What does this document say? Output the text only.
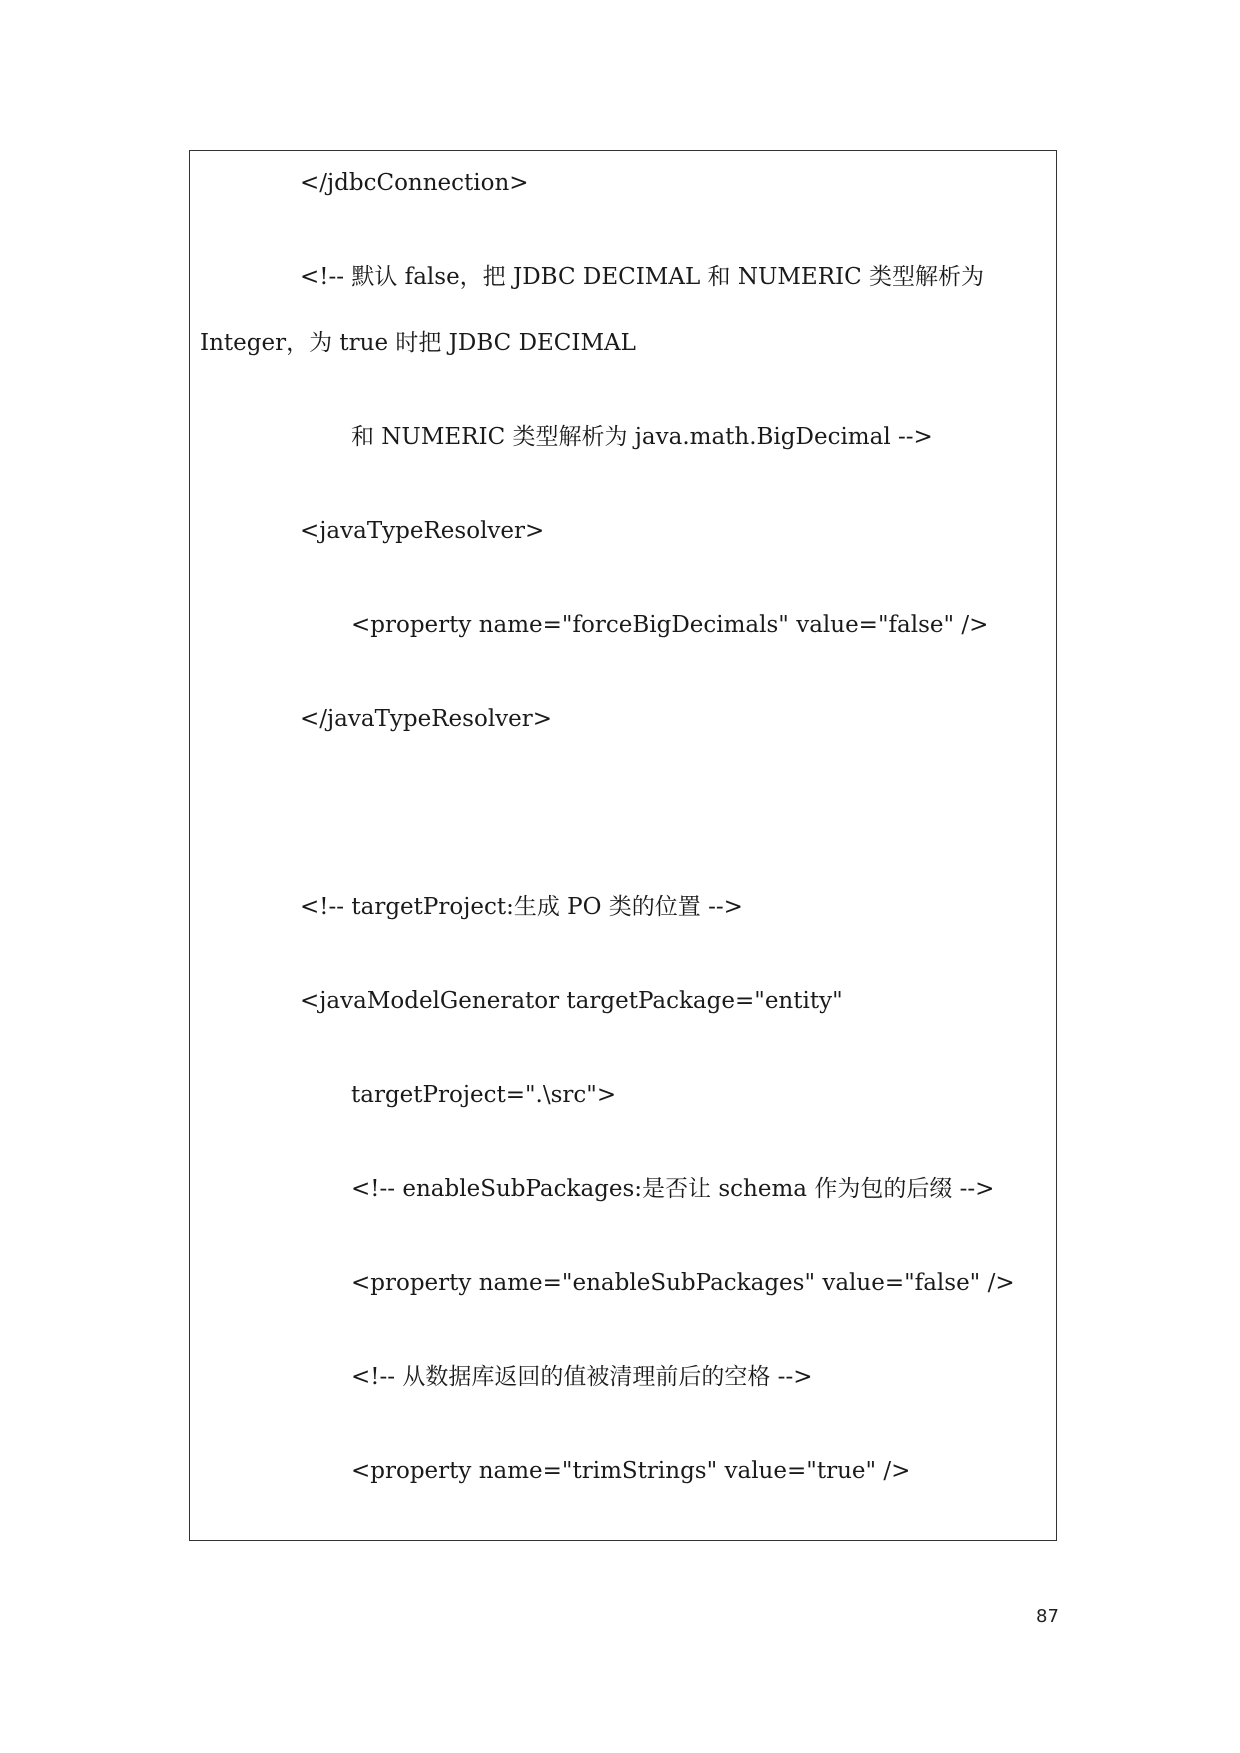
</jdbcConnection>
<!-- 默认 false，把 JDBC DECIMAL 和 NUMERIC 类型解析为
Integer，为 true 时把 JDBC DECIMAL
和 NUMERIC 类型解析为 java.math.BigDecimal -->
<javaTypeResolver>
<property name="forceBigDecimals" value="false" />
</javaTypeResolver>
<!-- targetProject:生成 PO 类的位置 -->
<javaModelGenerator targetPackage="entity"
targetProject=".\src">
<!-- enableSubPackages:是否让 schema 作为包的后缀 -->
<property name="enableSubPackages" value="false" />
<!-- 从数据库返回的值被清理前后的空格 -->
<property name="trimStrings" value="true" />
87
